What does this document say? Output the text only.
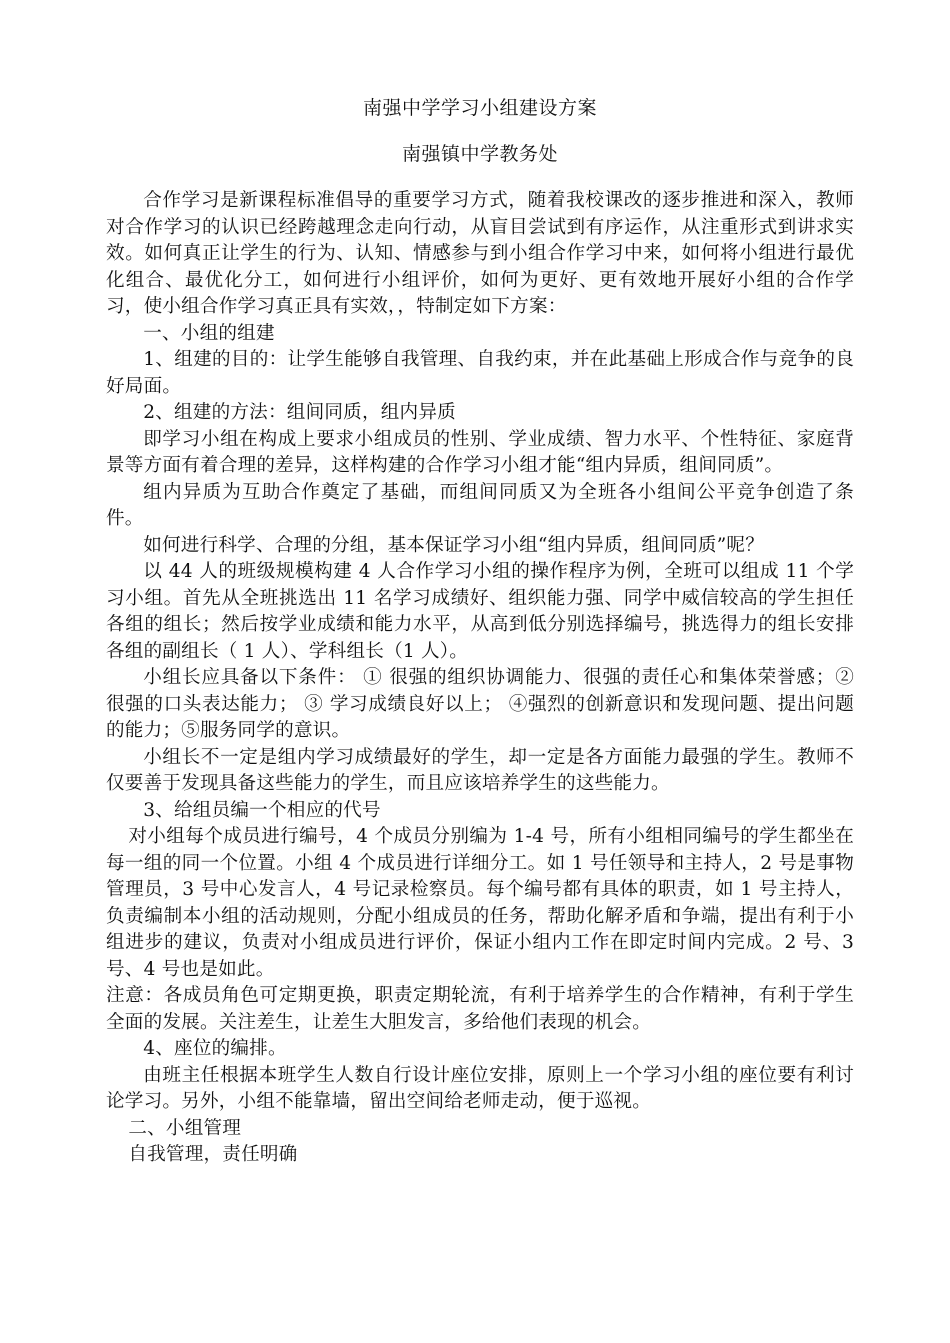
南强中学学习小组建设方案
南强镇中学教务处

合作学习是新课程标准倡导的重要学习方式，随着我校课改的逐步推进和深入，教师对合作学习的认识已经跨越理念走向行动，从盲目尝试到有序运作，从注重形式到讲求实效。如何真正让学生的行为、认知、情感参与到小组合作学习中来，如何将小组进行最优化组合、最优化分工，如何进行小组评价，如何为更好、更有效地开展好小组的合作学习，使小组合作学习真正具有实效，，特制定如下方案：

一、小组的组建

1、组建的目的：让学生能够自我管理、自我约束，并在此基础上形成合作与竞争的良好局面。

2、组建的方法：组间同质，组内异质

即学习小组在构成上要求小组成员的性别、学业成绩、智力水平、个性特征、家庭背景等方面有着合理的差异，这样构建的合作学习小组才能“组内异质，组间同质”。

组内异质为互助合作奠定了基础，而组间同质又为全班各小组间公平竞争创造了条件。

如何进行科学、合理的分组，基本保证学习小组“组内异质，组间同质”呢？

以 44 人的班级规模构建 4 人合作学习小组的操作程序为例，全班可以组成 11 个学习小组。首先从全班挑选出 11 名学习成绩好、组织能力强、同学中威信较高的学生担任各组的组长；然后按学业成绩和能力水平，从高到低分别选择编号，挑选得力的组长安排各组的副组长（ 1 人）、学科组长（1 人）。

小组长应具备以下条件： ① 很强的组织协调能力、很强的责任心和集体荣誉感；② 很强的口头表达能力； ③ 学习成绩良好以上； ④强烈的创新意识和发现问题、提出问题的能力；⑤服务同学的意识。

小组长不一定是组内学习成绩最好的学生，却一定是各方面能力最强的学生。教师不仅要善于发现具备这些能力的学生，而且应该培养学生的这些能力。

3、给组员编一个相应的代号

对小组每个成员进行编号，4 个成员分别编为 1-4 号，所有小组相同编号的学生都坐在每一组的同一个位置。小组 4 个成员进行详细分工。如 1 号任领导和主持人，2 号是事物管理员，3 号中心发言人，4 号记录检察员。每个编号都有具体的职责，如 1 号主持人，负责编制本小组的活动规则，分配小组成员的任务，帮助化解矛盾和争端，提出有利于小组进步的建议，负责对小组成员进行评价，保证小组内工作在即定时间内完成。2 号、3 号、4 号也是如此。

注意：各成员角色可定期更换，职责定期轮流，有利于培养学生的合作精神，有利于学生全面的发展。关注差生，让差生大胆发言，多给他们表现的机会。

4、座位的编排。

由班主任根据本班学生人数自行设计座位安排，原则上一个学习小组的座位要有利讨论学习。另外，小组不能靠墙，留出空间给老师走动，便于巡视。

二、小组管理

自我管理，责任明确
